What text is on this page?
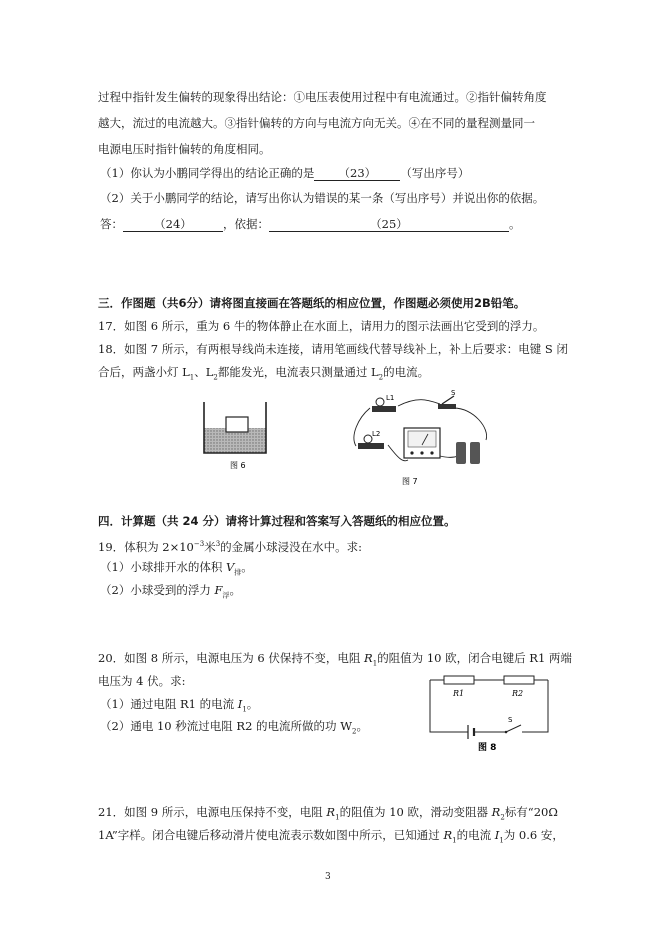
过程中指针发生偏转的现象得出结论：①电压表使用过程中有电流通过。②指针偏转角度
越大，流过的电流越大。③指针偏转的方向与电流方向无关。④在不同的量程测量同一
电源电压时指针偏转的角度相同。
（1）你认为小鹏同学得出的结论正确的是 （23） （写出序号）
（2）关于小鹏同学的结论，请写出你认为错误的某一条（写出序号）并说出你的依据。
答：	（24）	，依据：	（25）	。
三．作图题（共6分）请将图直接画在答题纸的相应位置，作图题必须使用2B铅笔。
17．如图 6 所示，重为 6 牛的物体静止在水面上，请用力的图示法画出它受到的浮力。
18．如图 7 所示，有两根导线尚未连接，请用笔画线代替导线补上，补上后要求：电键 S 闭
合后，两盏小灯 $L_1$、$L_2$都能发光，电流表只测量通过 $L_2$的电流。
图 6
L1
S
L2
图 7
四．计算题（共 24 分）请将计算过程和答案写入答题纸的相应位置。
19．体积为 $2\times 10^{-3}$米$^3$的金属小球浸没在水中。求:
（1）小球排开水的体积 $V_排$。
（2）小球受到的浮力 $F_浮$。
20．如图 8 所示，电源电压为 6 伏保持不变，电阻 $R_1$的阻值为 10 欧，闭合电键后 R1 两端
电压为 4 伏。求:
（1）通过电阻 R1 的电流 $I_1$。
（2）通电 10 秒流过电阻 R2 的电流所做的功 $W_2$。
R1	R2
S
图 8
21．如图 9 所示，电源电压保持不变，电阻 $R_1$的阻值为 10 欧，滑动变阻器 $R_2$标有“20Ω
1A”字样。闭合电键后移动滑片使电流表示数如图中所示，已知通过 $R_1$的电流 $I_1$为 0.6 安，
3
